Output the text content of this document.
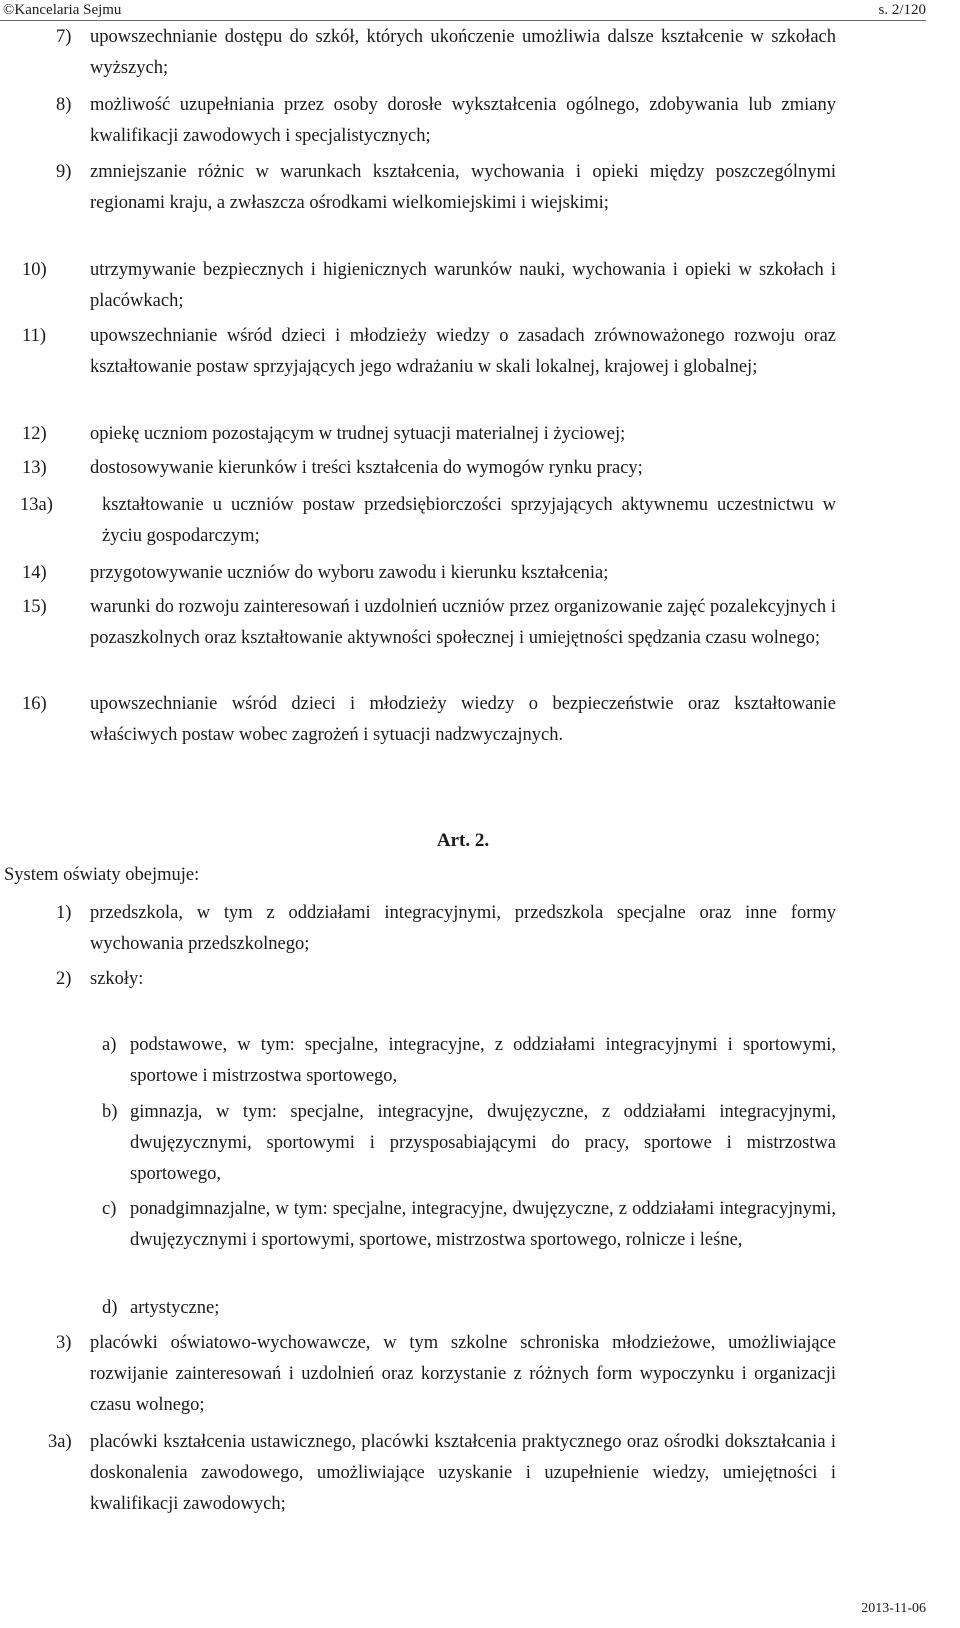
©Kancelaria Sejmu	s. 2/120
7) upowszechnianie dostępu do szkół, których ukończenie umożliwia dalsze kształcenie w szkołach wyższych;
8) możliwość uzupełniania przez osoby dorosłe wykształcenia ogólnego, zdobywania lub zmiany kwalifikacji zawodowych i specjalistycznych;
9) zmniejszanie różnic w warunkach kształcenia, wychowania i opieki między poszczególnymi regionami kraju, a zwłaszcza ośrodkami wielkomiejskimi i wiejskimi;
10) utrzymywanie bezpiecznych i higienicznych warunków nauki, wychowania i opieki w szkołach i placówkach;
11) upowszechnianie wśród dzieci i młodzieży wiedzy o zasadach zrównoważonego rozwoju oraz kształtowanie postaw sprzyjających jego wdrażaniu w skali lokalnej, krajowej i globalnej;
12) opiekę uczniom pozostającym w trudnej sytuacji materialnej i życiowej;
13) dostosowywanie kierunków i treści kształcenia do wymogów rynku pracy;
13a)	kształtowanie u uczniów postaw przedsiębiorczości sprzyjających aktywnemu uczestnictwu w życiu gospodarczym;
14) przygotowywanie uczniów do wyboru zawodu i kierunku kształcenia;
15) warunki do rozwoju zainteresowań i uzdolnień uczniów przez organizowanie zajęć pozalekcyjnych i pozaszkolnych oraz kształtowanie aktywności społecznej i umiejętności spędzania czasu wolnego;
16) upowszechnianie wśród dzieci i młodzieży wiedzy o bezpieczeństwie oraz kształtowanie właściwych postaw wobec zagrożeń i sytuacji nadzwyczajnych.
Art. 2.
System oświaty obejmuje:
1) przedszkola, w tym z oddziałami integracyjnymi, przedszkola specjalne oraz inne formy wychowania przedszkolnego;
2) szkoły:
a) podstawowe, w tym: specjalne, integracyjne, z oddziałami integracyjnymi i sportowymi, sportowe i mistrzostwa sportowego,
b) gimnazja, w tym: specjalne, integracyjne, dwujęzyczne, z oddziałami integracyjnymi, dwujęzycznymi, sportowymi i przysposabiającymi do pracy, sportowe i mistrzostwa sportowego,
c) ponadgimnazjalne, w tym: specjalne, integracyjne, dwujęzyczne, z oddziałami integracyjnymi, dwujęzycznymi i sportowymi, sportowe, mistrzostwa sportowego, rolnicze i leśne,
d) artystyczne;
3) placówki oświatowo-wychowawcze, w tym szkolne schroniska młodzieżowe, umożliwiające rozwijanie zainteresowań i uzdolnień oraz korzystanie z różnych form wypoczynku i organizacji czasu wolnego;
3a) placówki kształcenia ustawicznego, placówki kształcenia praktycznego oraz ośrodki dokształcania i doskonalenia zawodowego, umożliwiające uzyskanie i uzupełnienie wiedzy, umiejętności i kwalifikacji zawodowych;
2013-11-06
